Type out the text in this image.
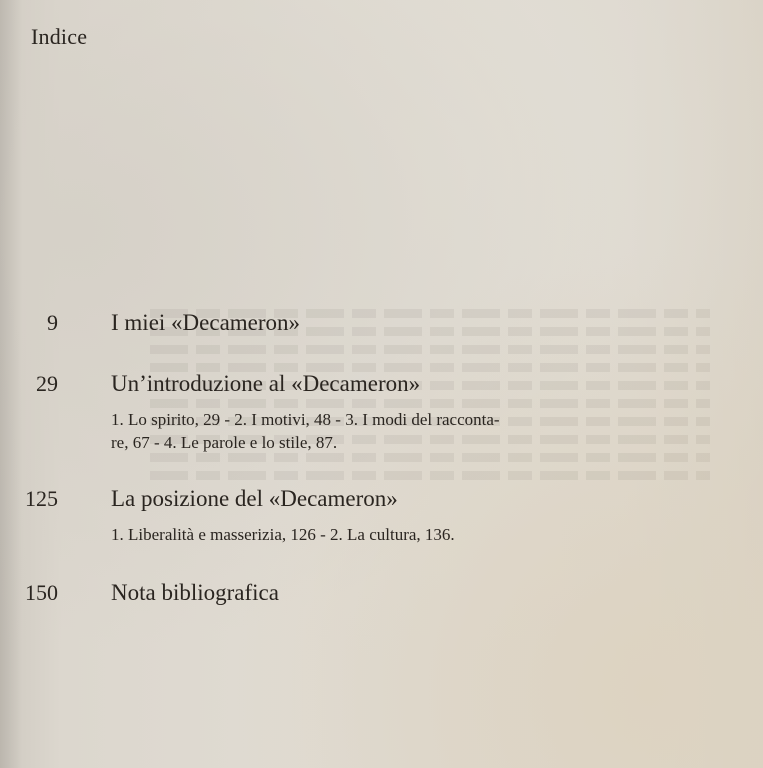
Indice
9 I miei «Decameron»
29 Un’introduzione al «Decameron»
1. Lo spirito, 29 - 2. I motivi, 48 - 3. I modi del racconta-
re, 67 - 4. Le parole e lo stile, 87.
125 La posizione del «Decameron»
1. Liberalità e masserizia, 126 - 2. La cultura, 136.
150 Nota bibliografica
